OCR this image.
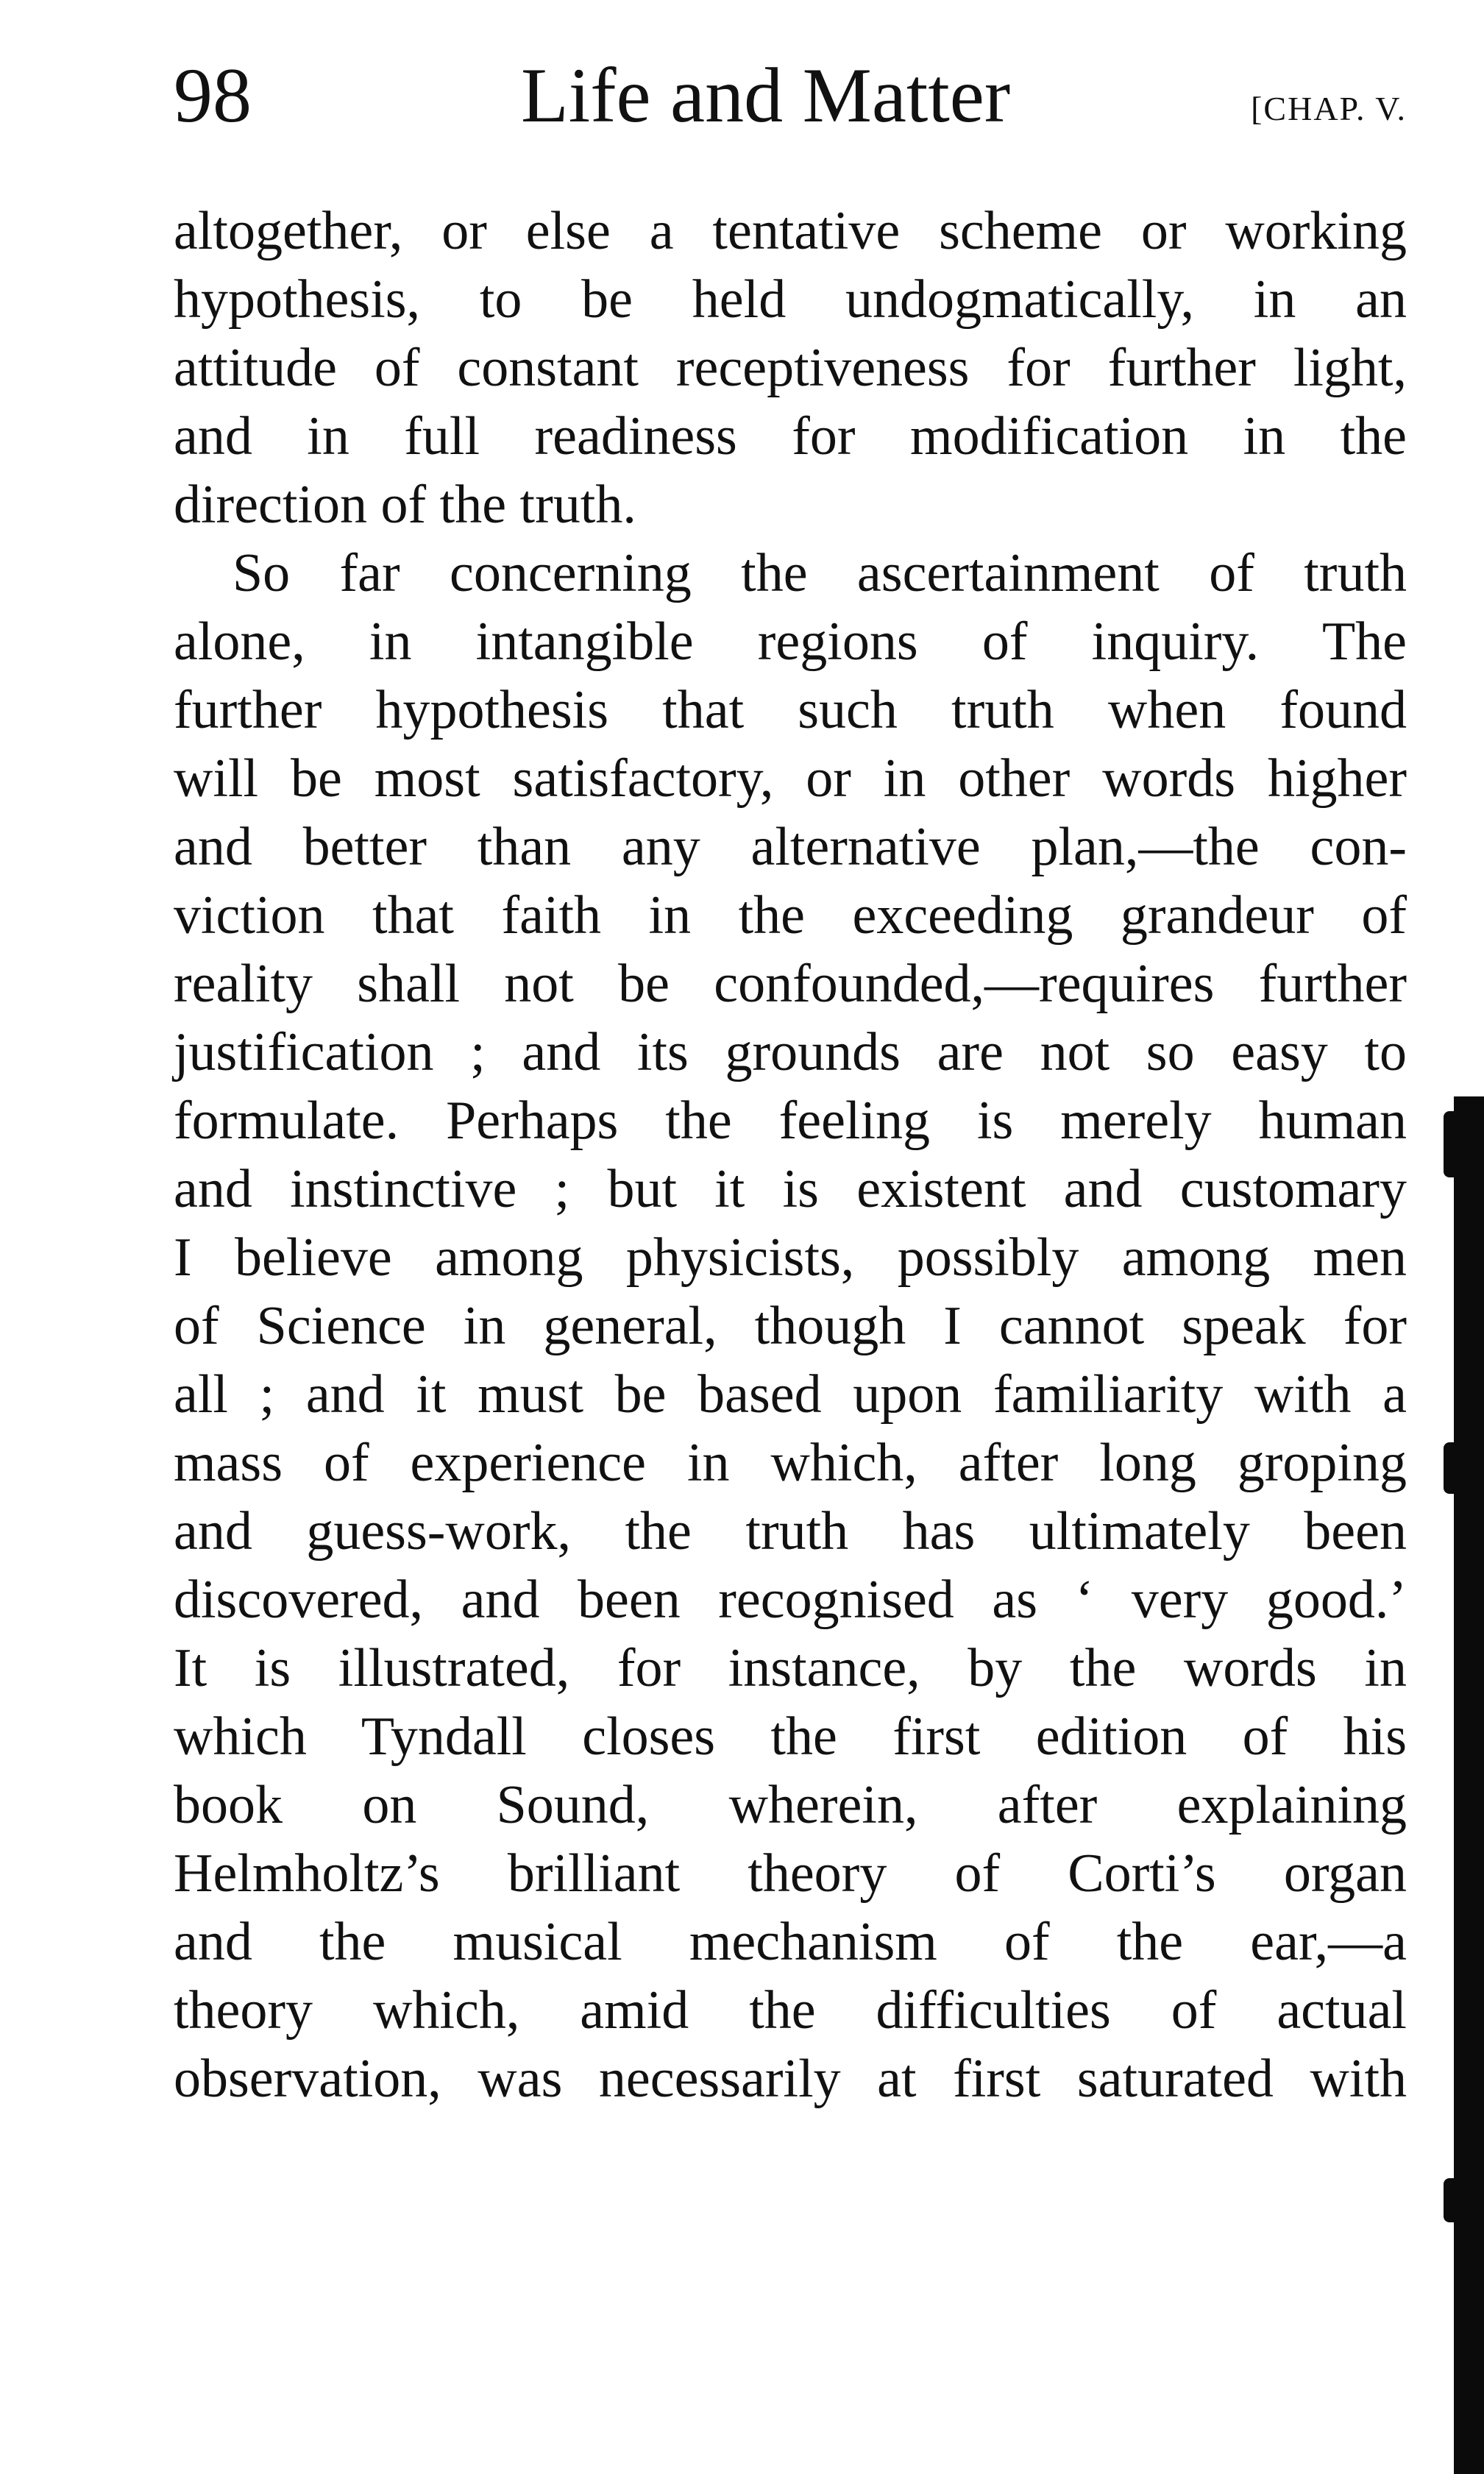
98	Life and Matter	[CHAP. V.
altogether, or else a tentative scheme or working
hypothesis, to be held undogmatically, in an
attitude of constant receptiveness for further light,
and in full readiness for modification in the
direction of the truth.
So far concerning the ascertainment of truth
alone, in intangible regions of inquiry. The
further hypothesis that such truth when found
will be most satisfactory, or in other words higher
and better than any alternative plan,—the con-
viction that faith in the exceeding grandeur of
reality shall not be confounded,—requires further
justification ; and its grounds are not so easy to
formulate. Perhaps the feeling is merely human
and instinctive ; but it is existent and customary
I believe among physicists, possibly among men
of Science in general, though I cannot speak for
all ; and it must be based upon familiarity with a
mass of experience in which, after long groping
and guess-work, the truth has ultimately been
discovered, and been recognised as ‘ very good.’
It is illustrated, for instance, by the words in
which Tyndall closes the first edition of his
book on Sound, wherein, after explaining
Helmholtz’s brilliant theory of Corti’s organ
and the musical mechanism of the ear,—a
theory which, amid the difficulties of actual
observation, was necessarily at first saturated with
